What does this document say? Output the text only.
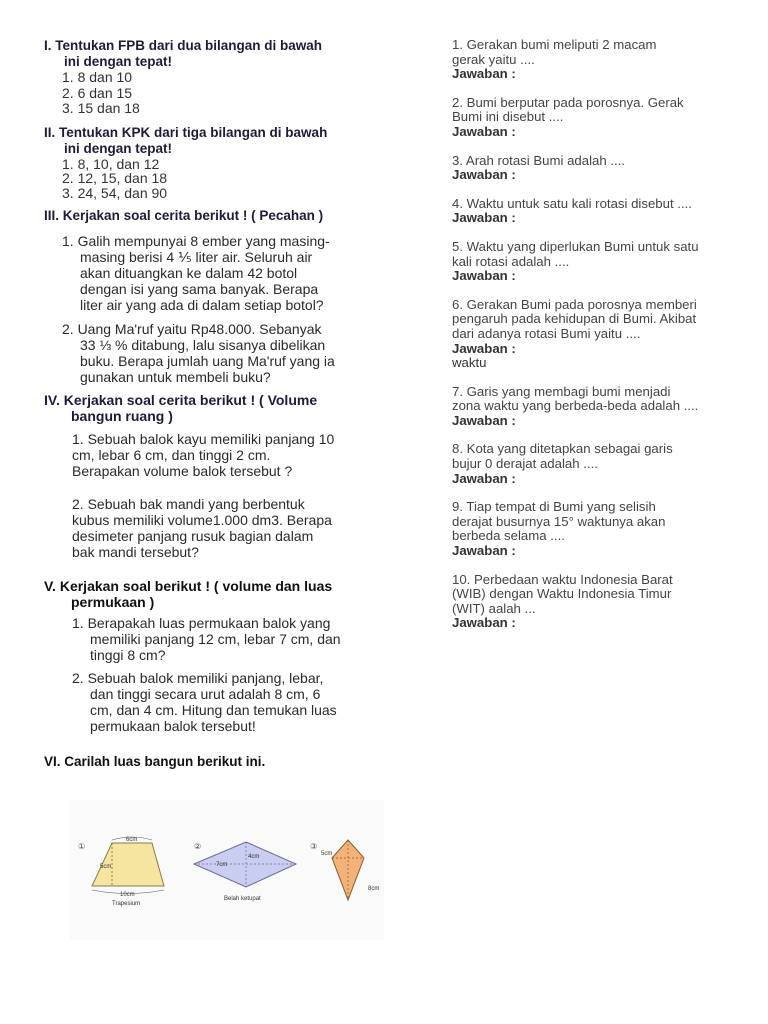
I. Tentukan FPB dari dua bilangan di bawah
ini dengan tepat!
1. 8 dan 10
2. 6 dan 15
3. 15 dan 18
II. Tentukan KPK dari tiga bilangan di bawah
ini dengan tepat!
1. 8, 10, dan 12
2. 12, 15, dan 18
3. 24, 54, dan 90
III. Kerjakan soal cerita berikut ! ( Pecahan )
1. Galih mempunyai 8 ember yang masing-
masing berisi 4 ⅕ liter air. Seluruh air
akan dituangkan ke dalam 42 botol
dengan isi yang sama banyak. Berapa
liter air yang ada di dalam setiap botol?
2. Uang Ma'ruf yaitu Rp48.000. Sebanyak
33 ⅓ % ditabung, lalu sisanya dibelikan
buku. Berapa jumlah uang Ma'ruf yang ia
gunakan untuk membeli buku?
IV. Kerjakan soal cerita berikut ! ( Volume
bangun ruang )
1. Sebuah balok kayu memiliki panjang 10
cm, lebar 6 cm, dan tinggi 2 cm.
Berapakan volume balok tersebut ?
2. Sebuah bak mandi yang berbentuk
kubus memiliki volume1.000 dm3. Berapa
desimeter panjang rusuk bagian dalam
bak mandi tersebut?
V. Kerjakan soal berikut ! ( volume dan luas
permukaan )
1. Berapakah luas permukaan balok yang
memiliki panjang 12 cm, lebar 7 cm, dan
tinggi 8 cm?
2. Sebuah balok memiliki panjang, lebar,
dan tinggi secara urut adalah 8 cm, 6
cm, dan 4 cm. Hitung dan temukan luas
permukaan balok tersebut!
VI. Carilah luas bangun berikut ini.
①
6cm
5cm
10cm
Trapesium
②
4cm
7cm
Belah ketupat
③
5cm
8cm
1. Gerakan bumi meliputi 2 macam
gerak yaitu ....
Jawaban :
2. Bumi berputar pada porosnya. Gerak
Bumi ini disebut ....
Jawaban :
3. Arah rotasi Bumi adalah ....
Jawaban :
4. Waktu untuk satu kali rotasi disebut ....
Jawaban :
5. Waktu yang diperlukan Bumi untuk satu
kali rotasi adalah ....
Jawaban :
6. Gerakan Bumi pada porosnya memberi
pengaruh pada kehidupan di Bumi. Akibat
dari adanya rotasi Bumi yaitu ....
Jawaban :
waktu
7. Garis yang membagi bumi menjadi
zona waktu yang berbeda-beda adalah ....
Jawaban :
8. Kota yang ditetapkan sebagai garis
bujur 0 derajat adalah ....
Jawaban :
9. Tiap tempat di Bumi yang selisih
derajat busurnya 15° waktunya akan
berbeda selama ....
Jawaban :
10. Perbedaan waktu Indonesia Barat
(WIB) dengan Waktu Indonesia Timur
(WIT) aalah ...
Jawaban :
